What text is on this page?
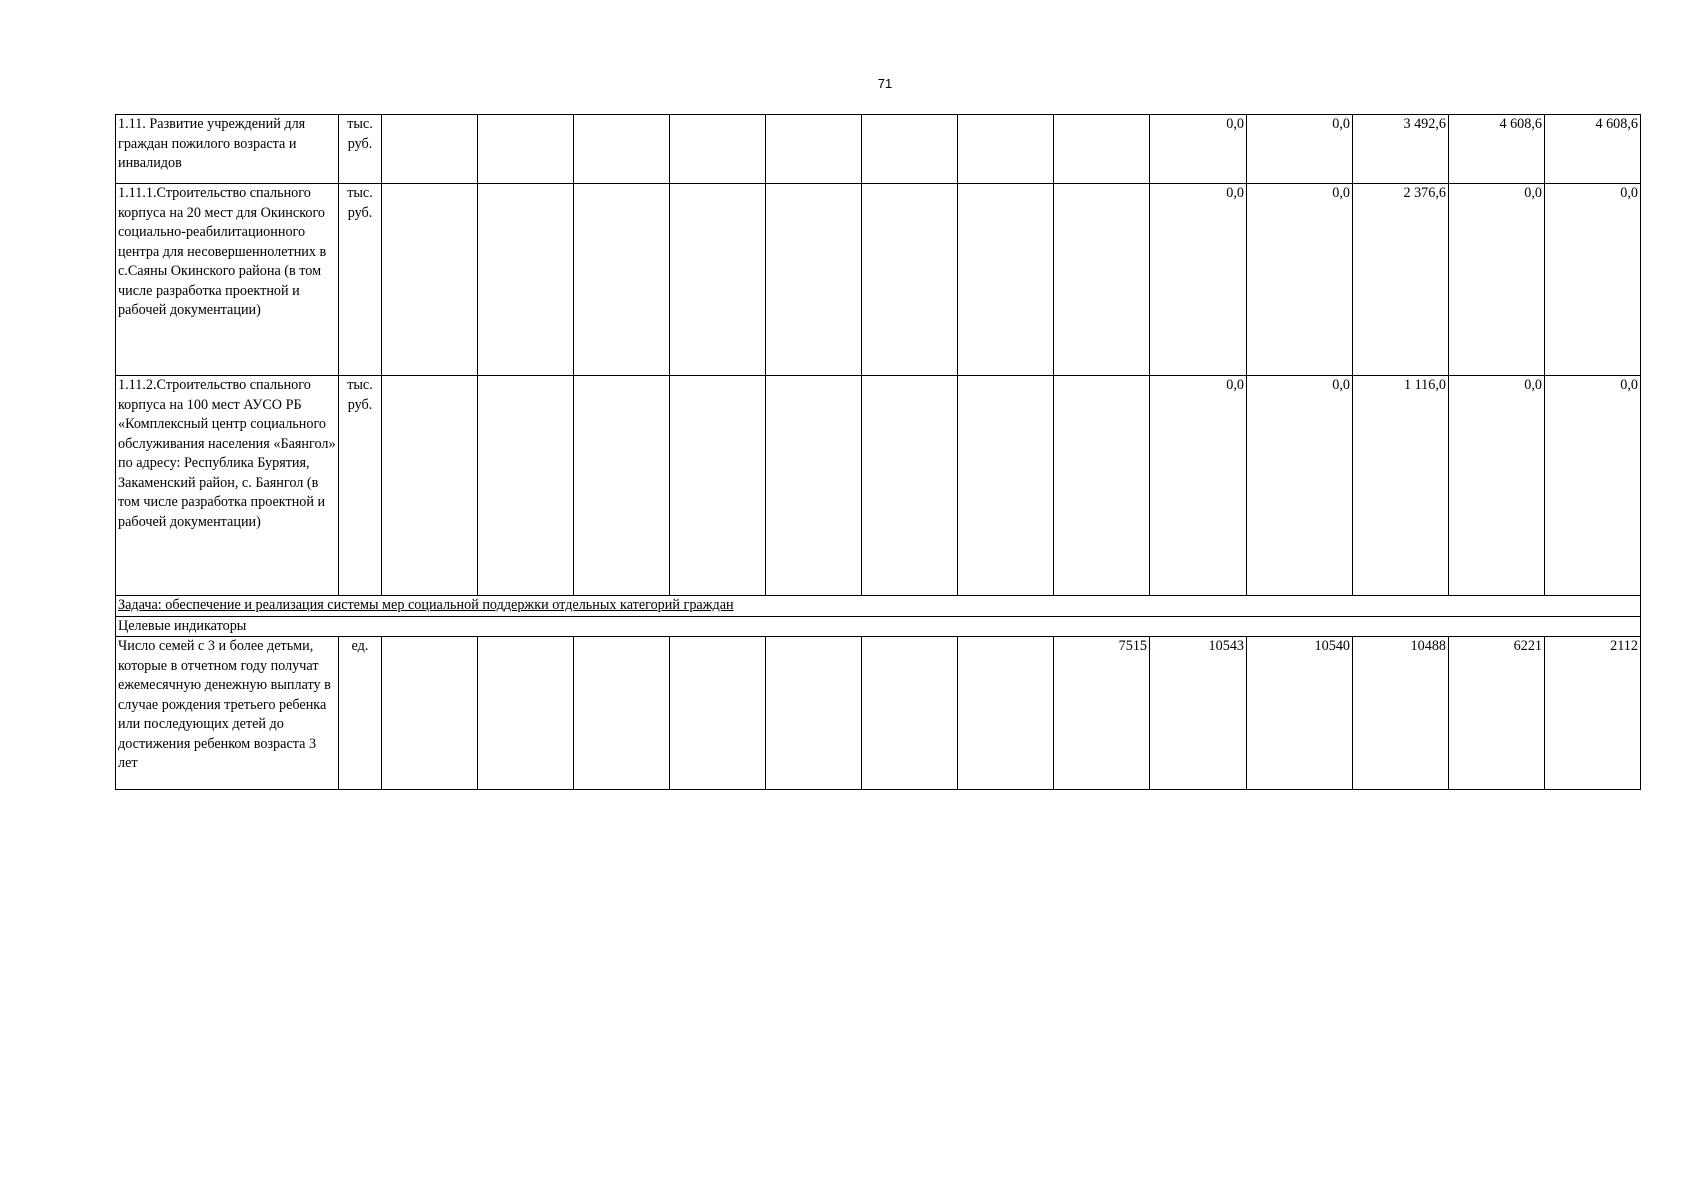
71
1.11. Развитие учреждений для граждан пожилого возраста и инвалидов	тыс. руб.									0,0	0,0	3 492,6	4 608,6	4 608,6
1.11.1.Строительство спального корпуса на 20 мест для Окинского социально-реабилитационного центра для несовершеннолетних в с.Саяны Окинского района (в том числе разработка проектной и рабочей документации)	тыс. руб.									0,0	0,0	2 376,6	0,0	0,0
1.11.2.Строительство спального корпуса на 100 мест АУСО РБ «Комплексный центр социального обслуживания населения «Баянгол» по адресу: Республика Бурятия, Закаменский район, с. Баянгол (в том числе разработка проектной и рабочей документации)	тыс. руб.									0,0	0,0	1 116,0	0,0	0,0
Задача: обеспечение и реализация системы мер социальной поддержки отдельных категорий граждан														
Целевые индикаторы														

Число семей с 3 и более детьми, которые в отчетном году получат ежемесячную денежную выплату в случае рождения третьего ребенка или последующих детей до достижения ребенком возраста 3 лет	ед.								7515	10543	10540	10488	6221	2112
